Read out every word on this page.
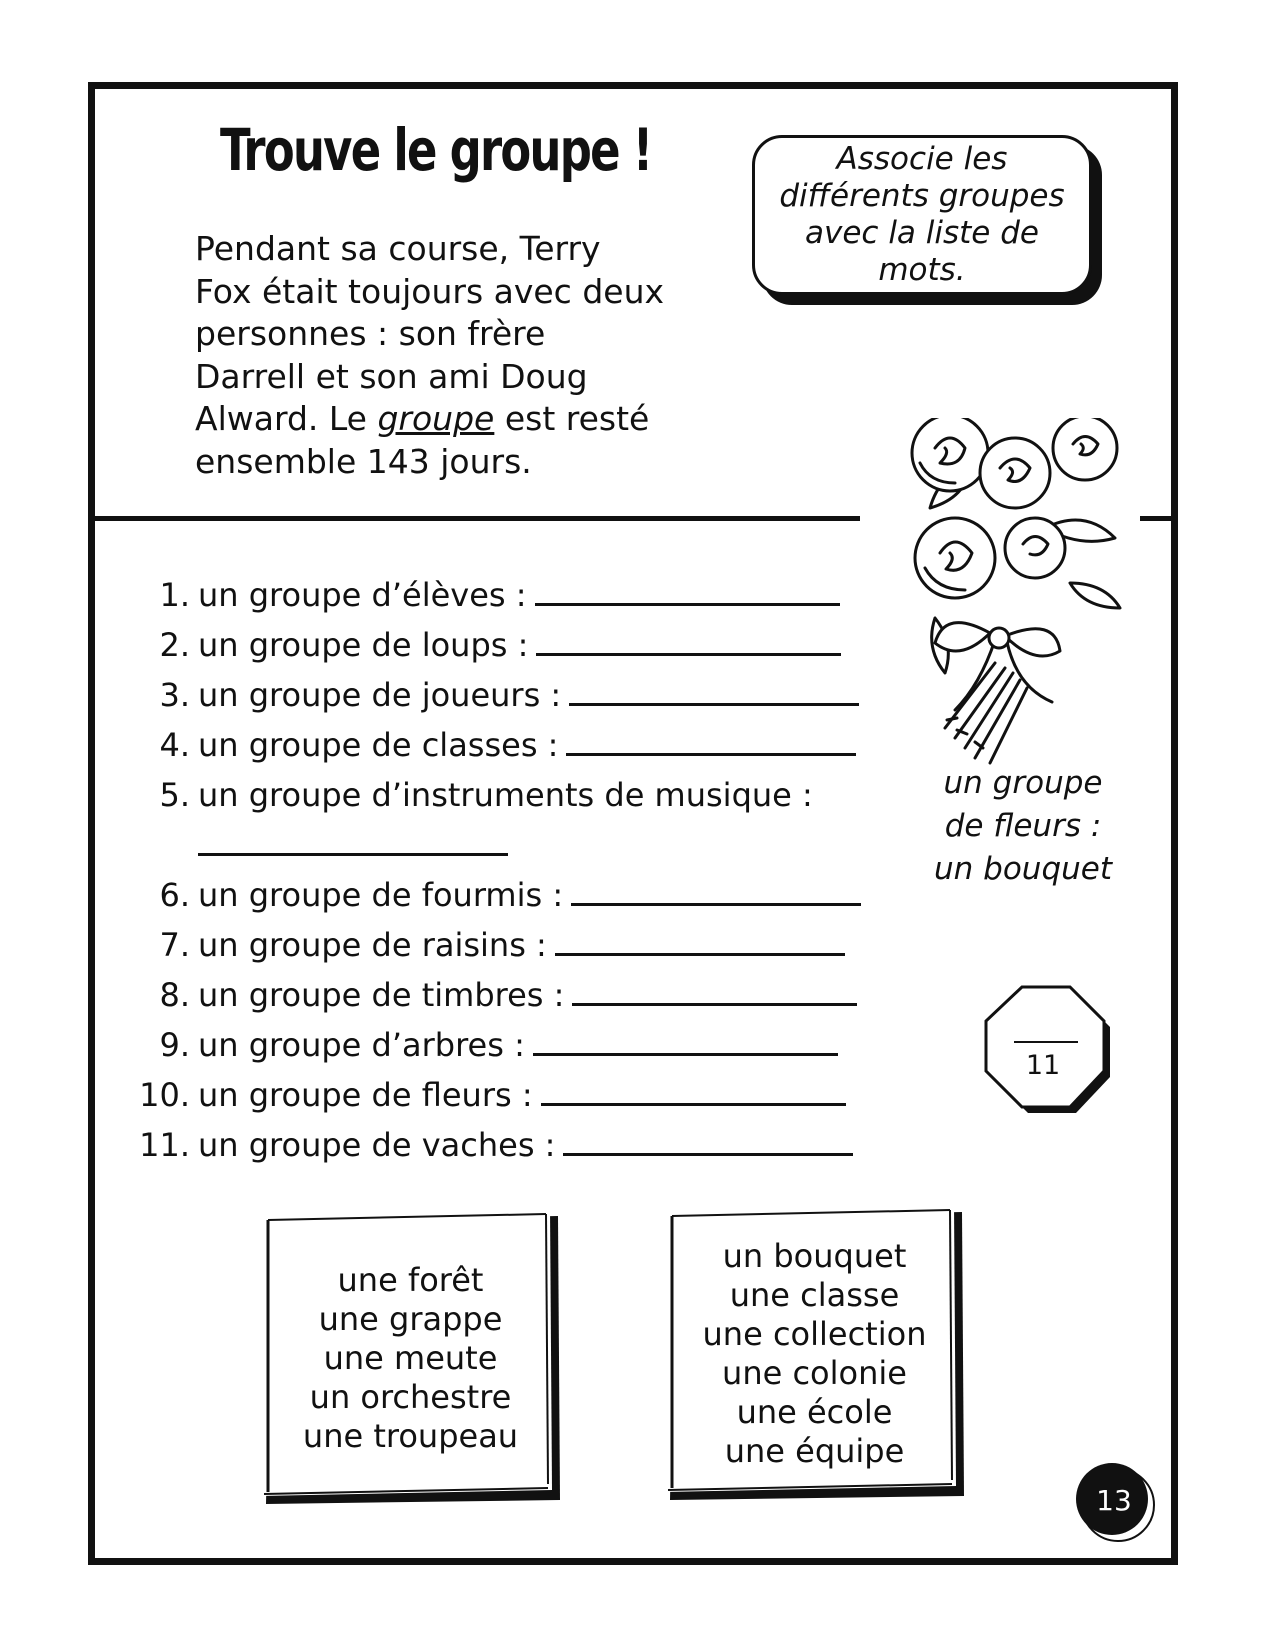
Trouve le groupe !
Pendant sa course, Terry Fox était toujours avec deux personnes : son frère Darrell et son ami Doug Alward. Le groupe est resté ensemble 143 jours.
Associe les différents groupes avec la liste de mots.
1. un groupe d’élèves :
2. un groupe de loups :
3. un groupe de joueurs :
4. un groupe de classes :
5. un groupe d’instruments de musique :
6. un groupe de fourmis :
7. un groupe de raisins :
8. un groupe de timbres :
9. un groupe d’arbres :
10. un groupe de fleurs :
11. un groupe de vaches :
un groupe
de fleurs :
un bouquet
11
une forêt
une grappe
une meute
un orchestre
une troupeau
un bouquet
une classe
une collection
une colonie
une école
une équipe
13
